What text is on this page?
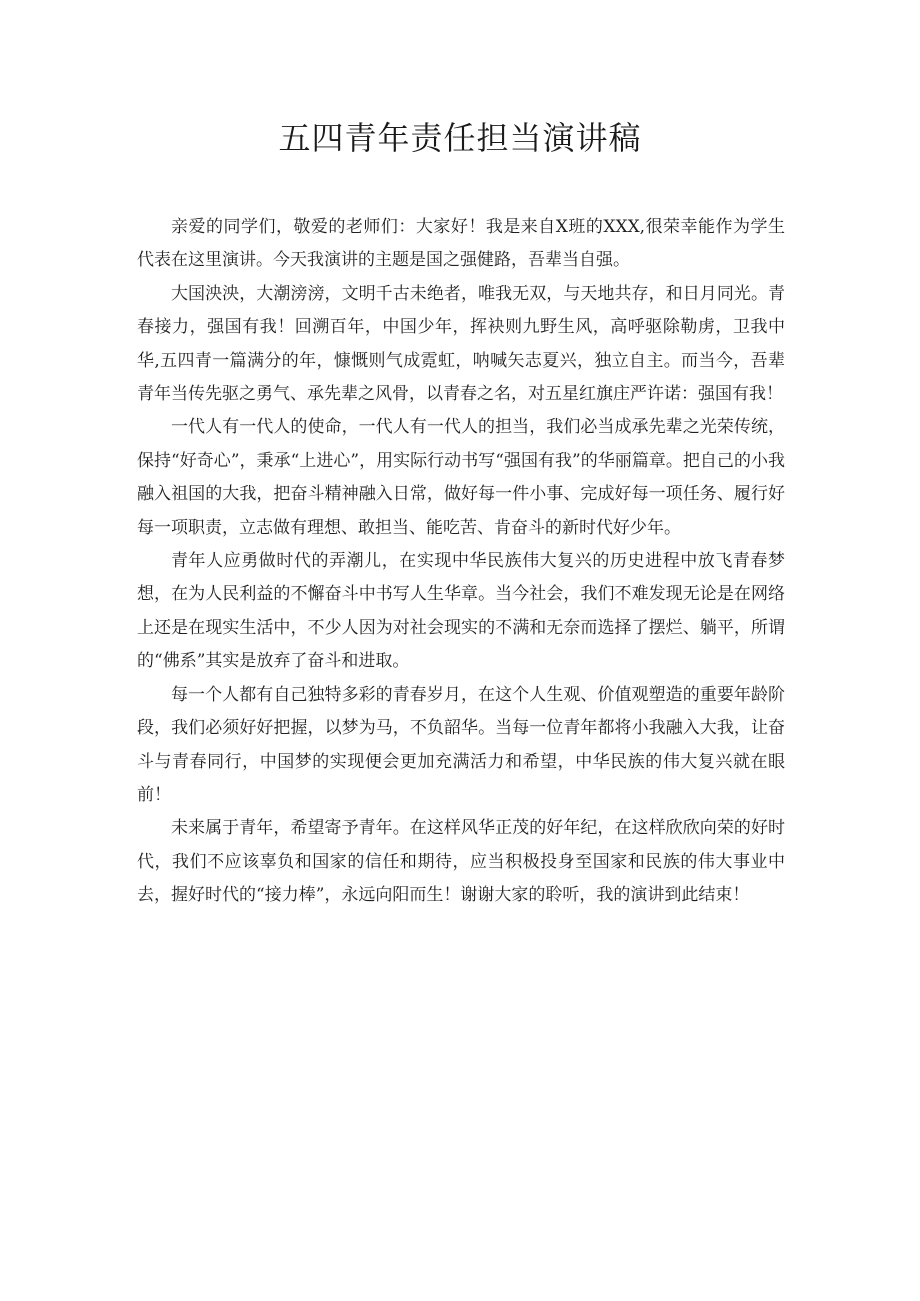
五四青年责任担当演讲稿

亲爱的同学们，敬爱的老师们：大家好！我是来自X班的XXX,很荣幸能作为学生代表在这里演讲。今天我演讲的主题是国之强健路，吾辈当自强。

大国泱泱，大潮滂滂，文明千古未绝者，唯我无双，与天地共存，和日月同光。青春接力，强国有我！回溯百年，中国少年，挥袂则九野生风，高呼驱除勒虏，卫我中华,五四青一篇满分的年，慷慨则气成霓虹，呐喊矢志夏兴，独立自主。而当今，吾辈青年当传先驱之勇气、承先辈之风骨，以青春之名，对五星红旗庄严许诺：强国有我！

一代人有一代人的使命，一代人有一代人的担当，我们必当成承先辈之光荣传统，保持“好奇心”，秉承“上进心”，用实际行动书写“强国有我”的华丽篇章。把自己的小我融入祖国的大我，把奋斗精神融入日常，做好每一件小事、完成好每一项任务、履行好每一项职责，立志做有理想、敢担当、能吃苦、肯奋斗的新时代好少年。

青年人应勇做时代的弄潮儿，在实现中华民族伟大复兴的历史进程中放飞青春梦想，在为人民利益的不懈奋斗中书写人生华章。当今社会，我们不难发现无论是在网络上还是在现实生活中，不少人因为对社会现实的不满和无奈而选择了摆烂、躺平，所谓的“佛系”其实是放弃了奋斗和进取。

每一个人都有自己独特多彩的青春岁月，在这个人生观、价值观塑造的重要年龄阶段，我们必须好好把握，以梦为马，不负韶华。当每一位青年都将小我融入大我，让奋斗与青春同行，中国梦的实现便会更加充满活力和希望，中华民族的伟大复兴就在眼前！

未来属于青年，希望寄予青年。在这样风华正茂的好年纪，在这样欣欣向荣的好时代，我们不应该辜负和国家的信任和期待，应当积极投身至国家和民族的伟大事业中去，握好时代的“接力棒”，永远向阳而生！谢谢大家的聆听，我的演讲到此结束！
